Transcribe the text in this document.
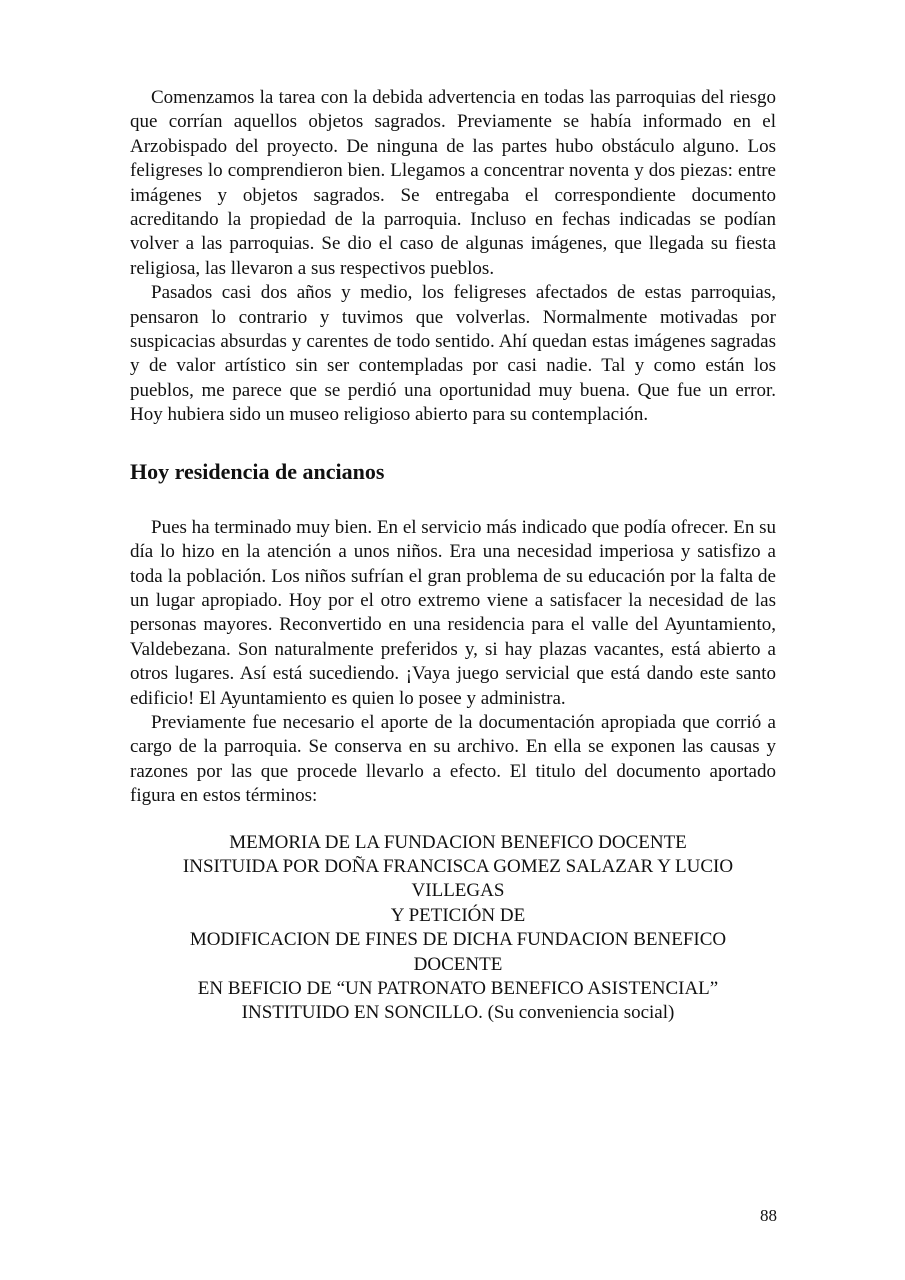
Comenzamos la tarea con la debida advertencia en todas las parroquias del riesgo que corrían aquellos objetos sagrados. Previamente se había informado en el Arzobispado del proyecto. De ninguna de las partes hubo obstáculo alguno. Los feligreses lo comprendieron bien. Llegamos a concentrar noventa y dos piezas: entre imágenes y objetos sagrados. Se entregaba el correspondiente documento acreditando la propiedad de la parroquia. Incluso en fechas indicadas se podían volver a las parroquias. Se dio el caso de algunas imágenes, que llegada su fiesta religiosa, las llevaron a sus respectivos pueblos.

Pasados casi dos años y medio, los feligreses afectados de estas parroquias, pensaron lo contrario y tuvimos que volverlas. Normalmente motivadas por suspicacias absurdas y carentes de todo sentido. Ahí quedan estas imágenes sagradas y de valor artístico sin ser contempladas por casi nadie. Tal y como están los pueblos, me parece que se perdió una oportunidad muy buena. Que fue un error. Hoy hubiera sido un museo religioso abierto para su contemplación.

Hoy residencia de ancianos

Pues ha terminado muy bien. En el servicio más indicado que podía ofrecer. En su día lo hizo en la atención a unos niños. Era una necesidad imperiosa y satisfizo a toda la población. Los niños sufrían el gran problema de su educación por la falta de un lugar apropiado. Hoy por el otro extremo viene a satisfacer la necesidad de las personas mayores. Reconvertido en una residencia para el valle del Ayuntamiento, Valdebezana. Son naturalmente preferidos y, si hay plazas vacantes, está abierto a otros lugares. Así está sucediendo. ¡Vaya juego servicial que está dando este santo edificio! El Ayuntamiento es quien lo posee y administra.

Previamente fue necesario el aporte de la documentación apropiada que corrió a cargo de la parroquia. Se conserva en su archivo. En ella se exponen las causas y razones por las que procede llevarlo a efecto. El titulo del documento aportado figura en estos términos:

MEMORIA DE LA FUNDACION BENEFICO DOCENTE
INSITUIDA POR DOÑA FRANCISCA GOMEZ SALAZAR Y LUCIO VILLEGAS
Y PETICIÓN DE
MODIFICACION DE FINES DE DICHA FUNDACION BENEFICO DOCENTE
EN BEFICIO DE “UN PATRONATO BENEFICO ASISTENCIAL”
INSTITUIDO EN SONCILLO. (Su conveniencia social)
88
